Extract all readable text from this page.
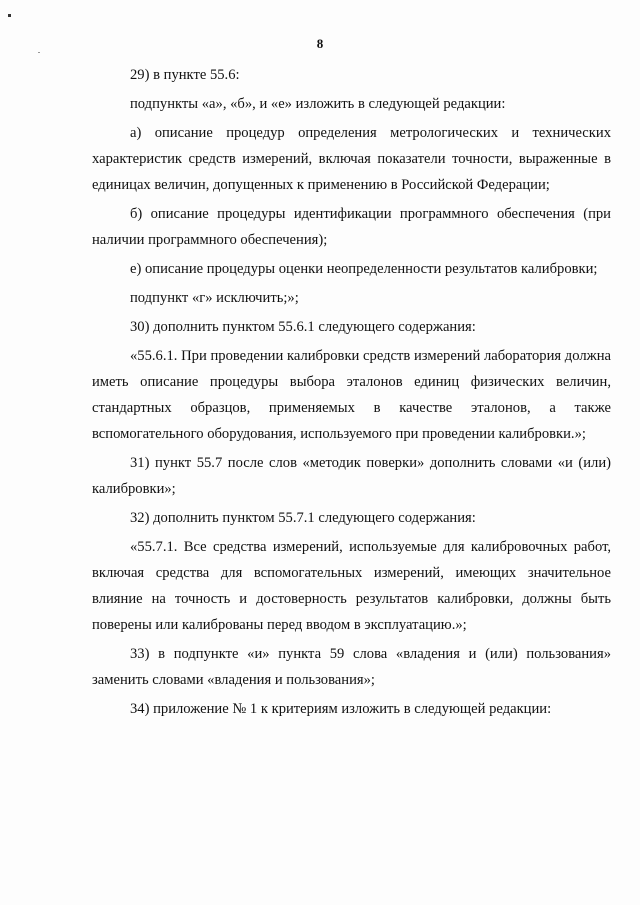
8

29) в пункте 55.6:

подпункты «а», «б», и «е» изложить в следующей редакции:

а) описание процедур определения метрологических и технических характеристик средств измерений, включая показатели точности, выраженные в единицах величин, допущенных к применению в Российской Федерации;

б) описание процедуры идентификации программного обеспечения (при наличии программного обеспечения);

е) описание процедуры оценки неопределенности результатов калибровки;

подпункт «г» исключить;»;

30) дополнить пунктом 55.6.1 следующего содержания:

«55.6.1. При проведении калибровки средств измерений лаборатория должна иметь описание процедуры выбора эталонов единиц физических величин, стандартных образцов, применяемых в качестве эталонов, а также вспомогательного оборудования, используемого при проведении калибровки.»;

31) пункт 55.7 после слов «методик поверки» дополнить словами «и (или) калибровки»;

32) дополнить пунктом 55.7.1 следующего содержания:

«55.7.1. Все средства измерений, используемые для калибровочных работ, включая средства для вспомогательных измерений, имеющих значительное влияние на точность и достоверность результатов калибровки, должны быть поверены или калиброваны перед вводом в эксплуатацию.»;

33) в подпункте «и» пункта 59 слова «владения и (или) пользования» заменить словами «владения и пользования»;

34) приложение № 1 к критериям изложить в следующей редакции:
